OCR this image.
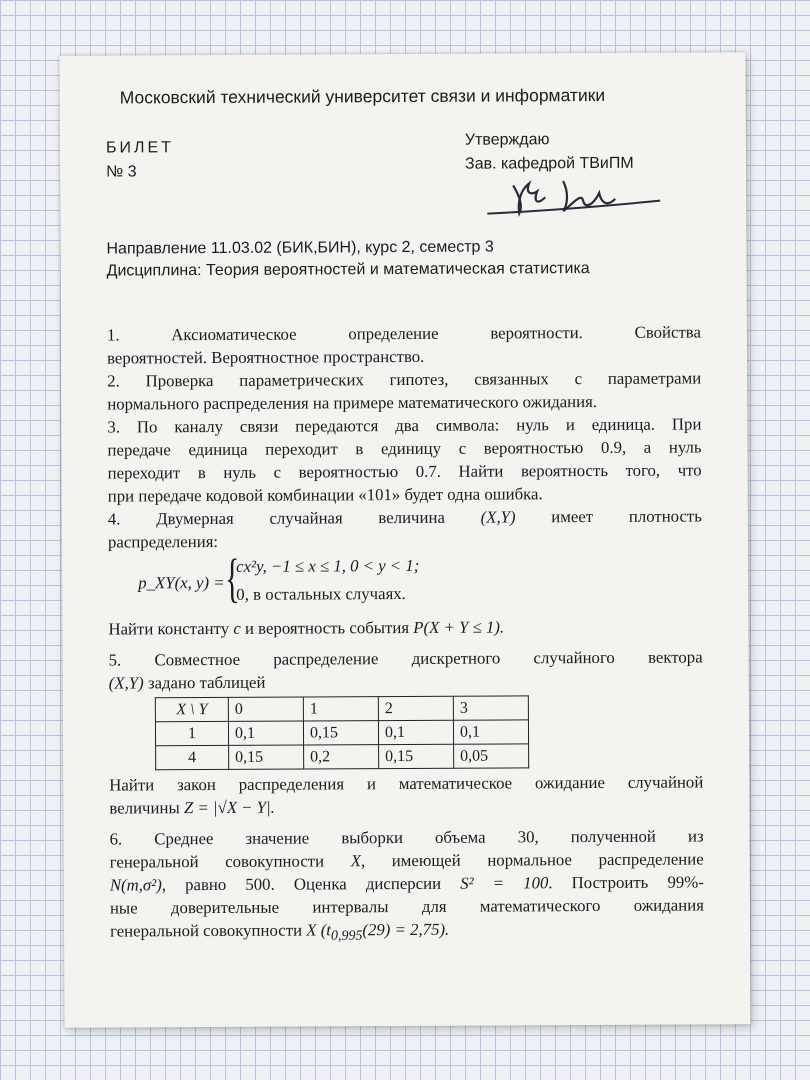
Московский технический университет связи и информатики
БИЛЕТ
№ 3
Утверждаю
Зав. кафедрой ТВиПМ
Направление 11.03.02 (БИК,БИН), курс 2, семестр 3
Дисциплина: Теория вероятностей и математическая статистика

1. Аксиоматическое определение вероятности. Свойства

вероятностей. Вероятностное пространство.

2. Проверка параметрических гипотез, связанных с параметрами

нормального распределения на примере математического ожидания.

3. По каналу связи передаются два символа: нуль и единица. При

передаче единица переходит в единицу с вероятностью 0.9, а нуль

переходит в нуль с вероятностью 0.7. Найти вероятность того, что

при передаче кодовой комбинации «101» будет одна ошибка.

4. Двумерная случайная величина (X,Y) имеет плотность

распределения:

p_XY(x, y) = {
cx²y, −1 ≤ x ≤ 1, 0 < y < 1;
0, в остальных случаях.

Найти константу c и вероятность события P(X + Y ≤ 1).

5. Совместное распределение дискретного случайного вектора

(X,Y) задано таблицей

X \ Y	0	1	2	3
1	0,1	0,15	0,1	0,1
4	0,15	0,2	0,15	0,05

Найти закон распределения и математическое ожидание случайной

величины Z = |√X − Y|.

6. Среднее значение выборки объема 30, полученной из

генеральной совокупности X, имеющей нормальное распределение

N(m,σ²), равно 500. Оценка дисперсии S² = 100. Построить 99%-

ные доверительные интервалы для математического ожидания

генеральной совокупности X $(t_{0,995}(29) = 2,75)$.
